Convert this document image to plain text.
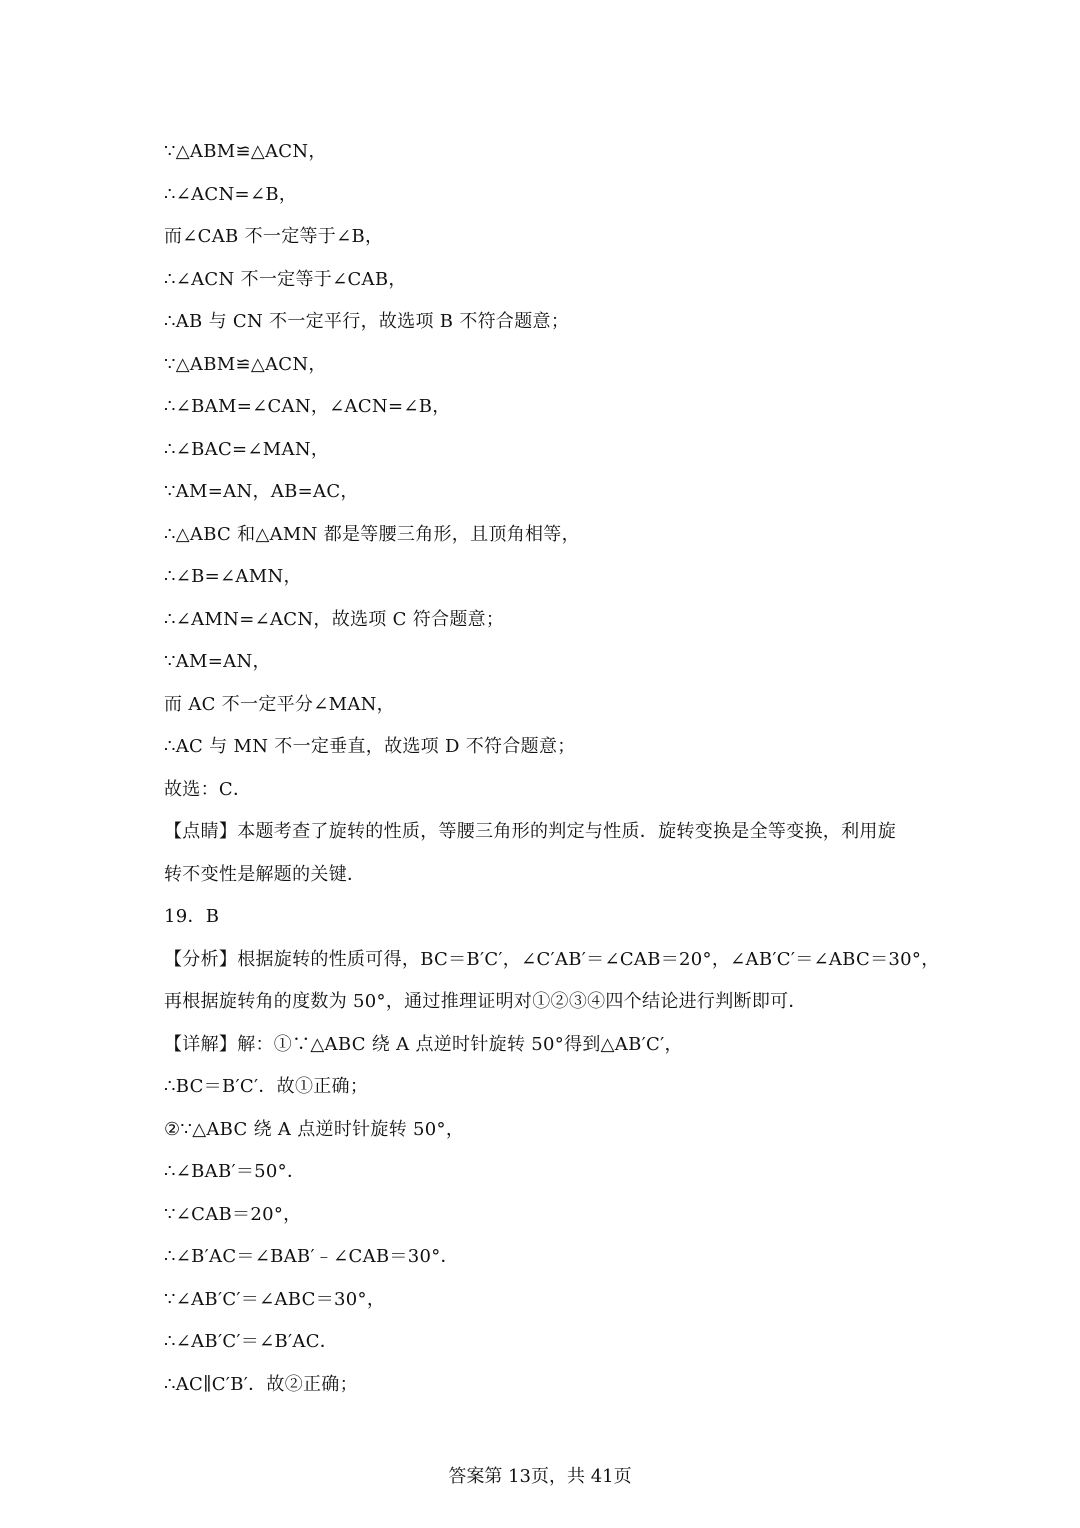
∵△ABM≌△ACN，
∴∠ACN=∠B，
而∠CAB 不一定等于∠B，
∴∠ACN 不一定等于∠CAB，
∴AB 与 CN 不一定平行，故选项 B 不符合题意；
∵△ABM≌△ACN，
∴∠BAM=∠CAN，∠ACN=∠B，
∴∠BAC=∠MAN，
∵AM=AN，AB=AC，
∴△ABC 和△AMN 都是等腰三角形，且顶角相等，
∴∠B=∠AMN，
∴∠AMN=∠ACN，故选项 C 符合题意；
∵AM=AN，
而 AC 不一定平分∠MAN，
∴AC 与 MN 不一定垂直，故选项 D 不符合题意；
故选：C．
【点睛】本题考查了旋转的性质，等腰三角形的判定与性质．旋转变换是全等变换，利用旋
转不变性是解题的关键．
19．B
【分析】根据旋转的性质可得，BC＝B′C′，∠C′AB′＝∠CAB＝20°，∠AB′C′＝∠ABC＝30°，
再根据旋转角的度数为 50°，通过推理证明对①②③④四个结论进行判断即可．
【详解】解：①∵△ABC 绕 A 点逆时针旋转 50°得到△AB′C′，
∴BC＝B′C′．故①正确；
②∵△ABC 绕 A 点逆时针旋转 50°，
∴∠BAB′＝50°．
∵∠CAB＝20°，
∴∠B′AC＝∠BAB′﹣∠CAB＝30°．
∵∠AB′C′＝∠ABC＝30°，
∴∠AB′C′＝∠B′AC．
∴AC∥C′B′．故②正确；
答案第 13页，共 41页
